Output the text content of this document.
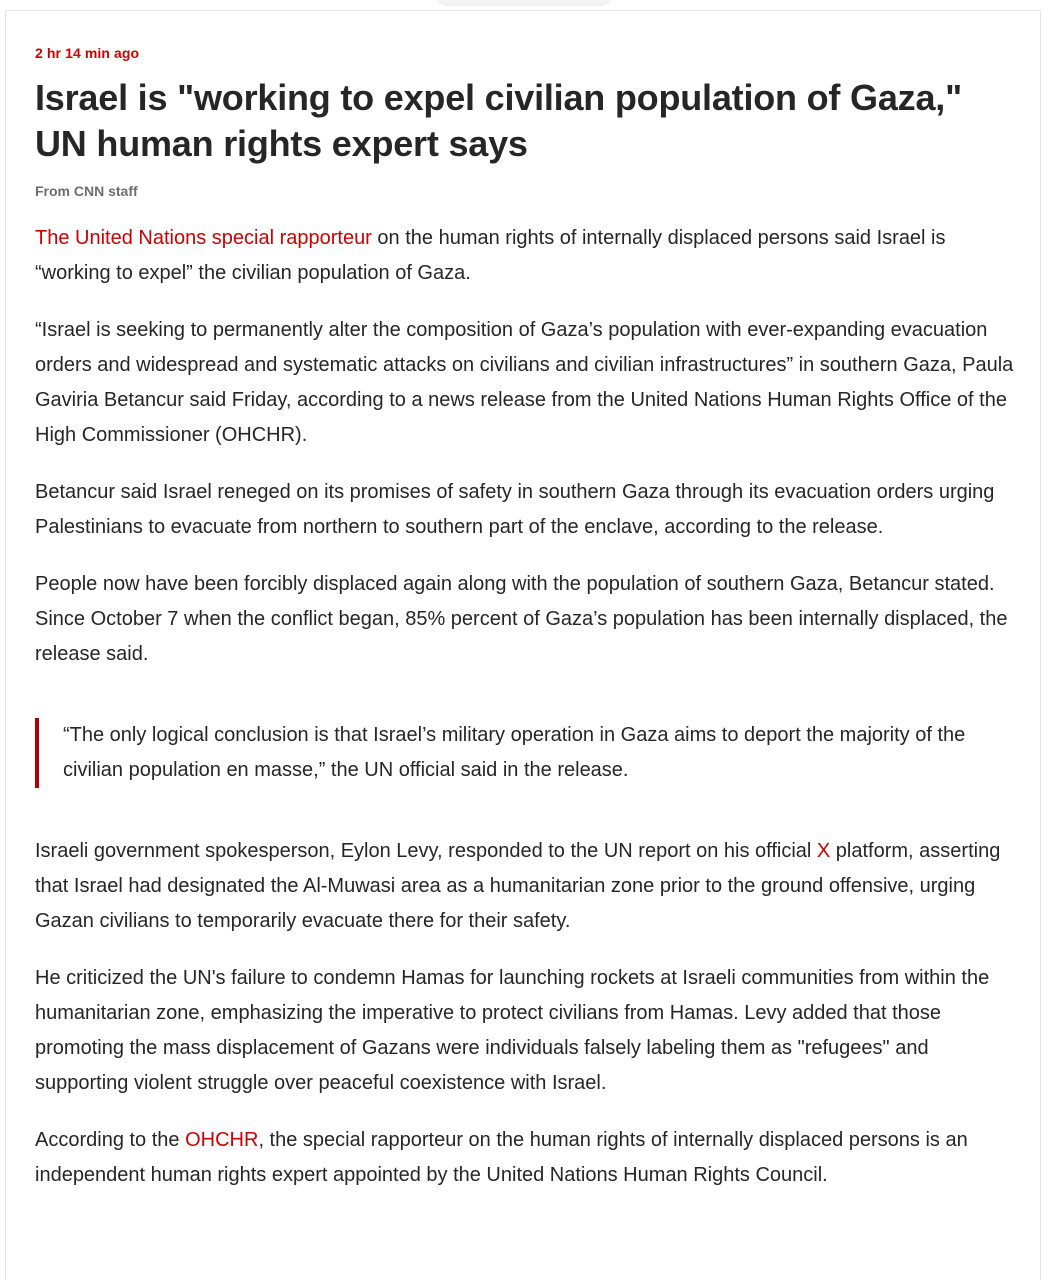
2 hr 14 min ago
Israel is "working to expel civilian population of Gaza," UN human rights expert says
From CNN staff

The United Nations special rapporteur on the human rights of internally displaced persons said Israel is “working to expel” the civilian population of Gaza.

“Israel is seeking to permanently alter the composition of Gaza’s population with ever-expanding evacuation orders and widespread and systematic attacks on civilians and civilian infrastructures” in southern Gaza, Paula Gaviria Betancur said Friday, according to a news release from the United Nations Human Rights Office of the High Commissioner (OHCHR).

Betancur said Israel reneged on its promises of safety in southern Gaza through its evacuation orders urging Palestinians to evacuate from northern to southern part of the enclave, according to the release.

People now have been forcibly displaced again along with the population of southern Gaza, Betancur stated. Since October 7 when the conflict began, 85% percent of Gaza’s population has been internally displaced, the release said.

“The only logical conclusion is that Israel’s military operation in Gaza aims to deport the majority of the civilian population en masse,” the UN official said in the release.

Israeli government spokesperson, Eylon Levy, responded to the UN report on his official X platform, asserting that Israel had designated the Al-Muwasi area as a humanitarian zone prior to the ground offensive, urging Gazan civilians to temporarily evacuate there for their safety.

He criticized the UN's failure to condemn Hamas for launching rockets at Israeli communities from within the humanitarian zone, emphasizing the imperative to protect civilians from Hamas. Levy added that those promoting the mass displacement of Gazans were individuals falsely labeling them as "refugees" and supporting violent struggle over peaceful coexistence with Israel.

According to the OHCHR, the special rapporteur on the human rights of internally displaced persons is an independent human rights expert appointed by the United Nations Human Rights Council.
